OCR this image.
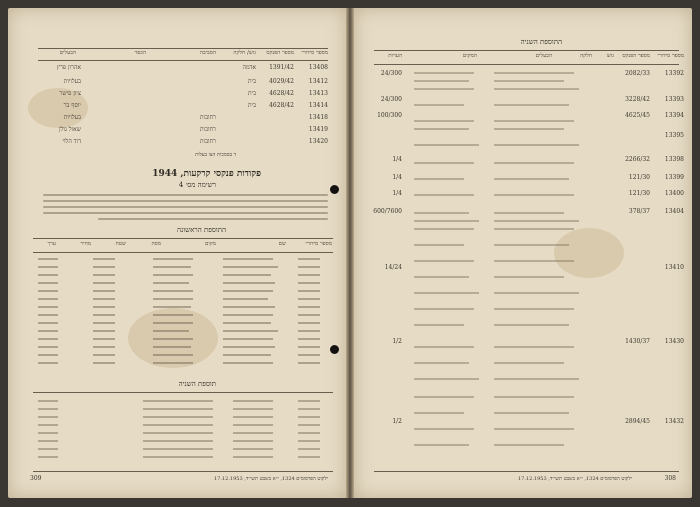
מספר סידורי
מספר הפנקס
גוש/ חלקה
הסביבה
הכפר
הבעלים
13408
1391/42
אדמה
אהרון פרץ
13412
4029/42
בית
בעלויות
13413
4628/42
בית
ציון פישר
13414
4628/42
בית
יוסף בר
13418
רחובות
בעלויות
13419
רחובות
שאול גולן
13420
רחובות
דוד הלוי
ד בסמכות הצו בעלות
פקודות פנקסי קרקעות, 1944
רשימה מס׳ 4
התוספת הראשונה
מספר סידורי
שם
מקום
מסה
שטח
מחיר
ערך
תוספת השניה
309	ילקוט הפרסומים 1324, י״א בשבט תשי״ד, 17.12.1953
התוספת השניה
מספר סידורי
מספר הפנקס
גוש
חלקה
הבעלים
המקום
הערות
13392
2082/33
24/300
13393
3228/42
24/300
13394
4625/45
100/300
13395
13398
2266/32
1/4
13399
121/30
1/4
13400
121/30
1/4
13404
378/37
600/7600
13410
14/24
13430
1430/37
1/2
13432
2894/45
1/2
308
ילקוט הפרסומים 1324, י״א בשבט תשי״ד, 17.12.1953
